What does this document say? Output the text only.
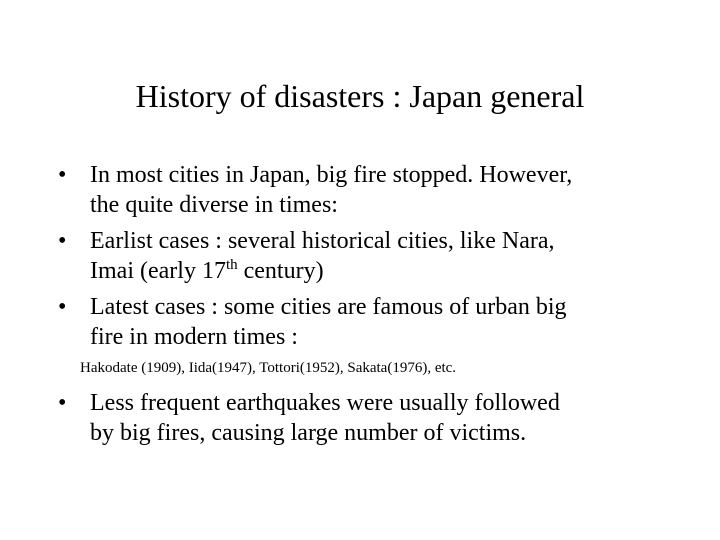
History of disasters : Japan general
• In most cities in Japan, big fire stopped. However,
the quite diverse in times:
• Earlist cases : several historical cities, like Nara,
Imai (early 17th century)
• Latest cases : some cities are famous of urban big
fire in modern times :
Hakodate (1909), Iida(1947), Tottori(1952), Sakata(1976), etc.
• Less frequent earthquakes were usually followed
by big fires, causing large number of victims.
